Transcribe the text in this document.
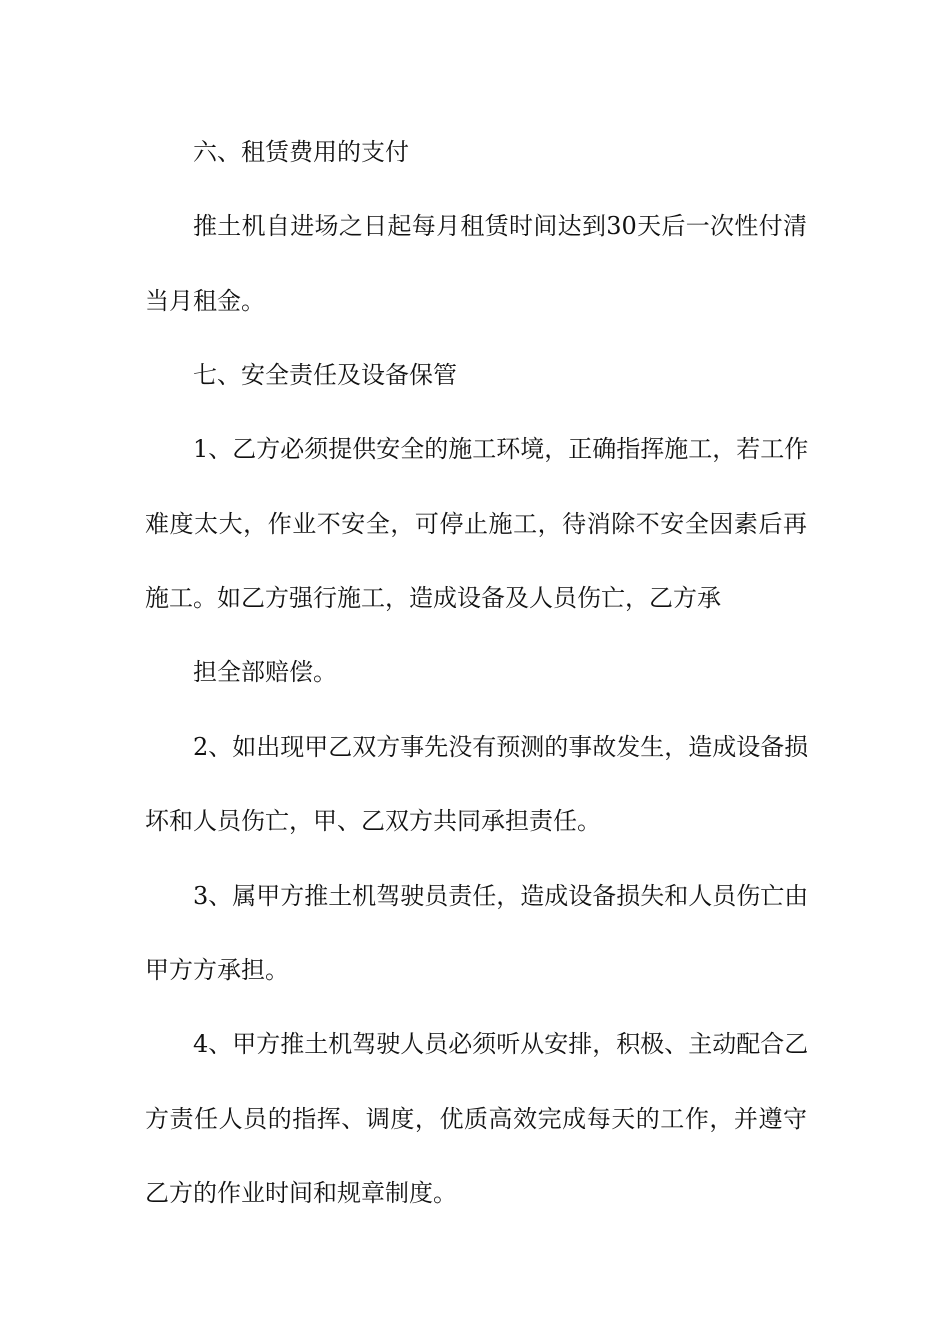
六、租赁费用的支付
推土机自进场之日起每月租赁时间达到30天后一次性付清
当月租金。
七、安全责任及设备保管
1、乙方必须提供安全的施工环境，正确指挥施工，若工作
难度太大，作业不安全，可停止施工，待消除不安全因素后再
施工。如乙方强行施工，造成设备及人员伤亡，乙方承
担全部赔偿。
2、如出现甲乙双方事先没有预测的事故发生，造成设备损
坏和人员伤亡，甲、乙双方共同承担责任。
3、属甲方推土机驾驶员责任，造成设备损失和人员伤亡由
甲方方承担。
4、甲方推土机驾驶人员必须听从安排，积极、主动配合乙
方责任人员的指挥、调度，优质高效完成每天的工作，并遵守
乙方的作业时间和规章制度。
